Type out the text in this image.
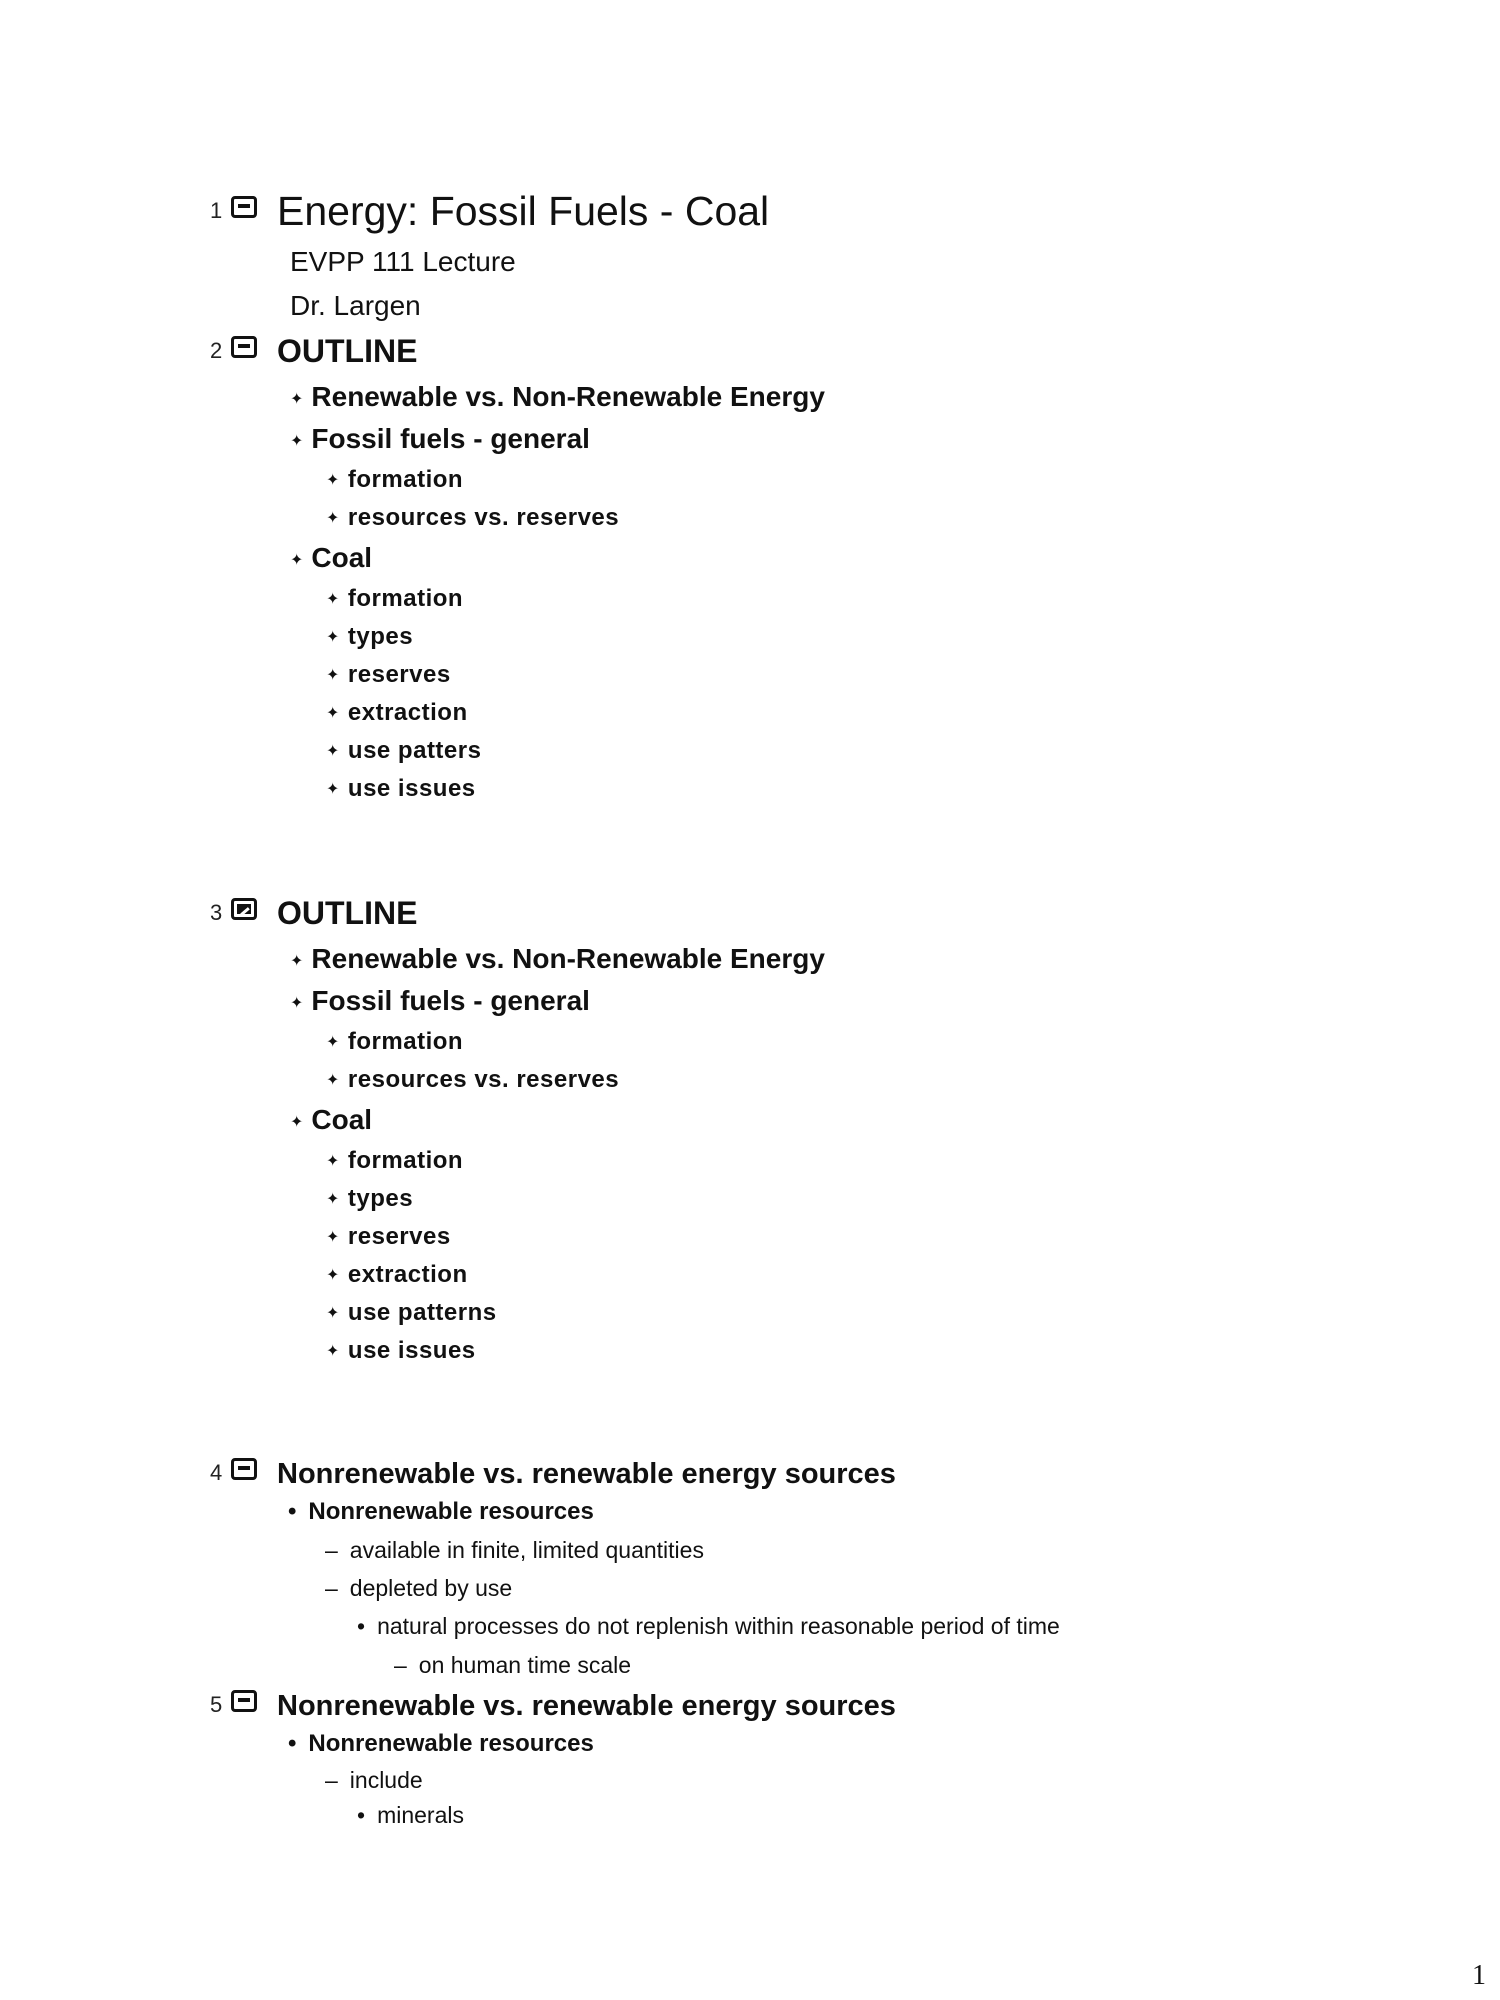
1 Energy: Fossil Fuels - Coal
EVPP 111 Lecture
Dr. Largen
2 OUTLINE
✦ Renewable vs. Non-Renewable Energy
✦ Fossil fuels - general
✦ formation
✦ resources vs. reserves
✦ Coal
✦ formation
✦ types
✦ reserves
✦ extraction
✦ use patters
✦ use issues
3 OUTLINE
✦ Renewable vs. Non-Renewable Energy
✦ Fossil fuels - general
✦ formation
✦ resources vs. reserves
✦ Coal
✦ formation
✦ types
✦ reserves
✦ extraction
✦ use patterns
✦ use issues
4 Nonrenewable vs. renewable energy sources
• Nonrenewable resources
– available in finite, limited quantities
– depleted by use
• natural processes do not replenish within reasonable period of time
– on human time scale
5 Nonrenewable vs. renewable energy sources
• Nonrenewable resources
– include
• minerals
1
